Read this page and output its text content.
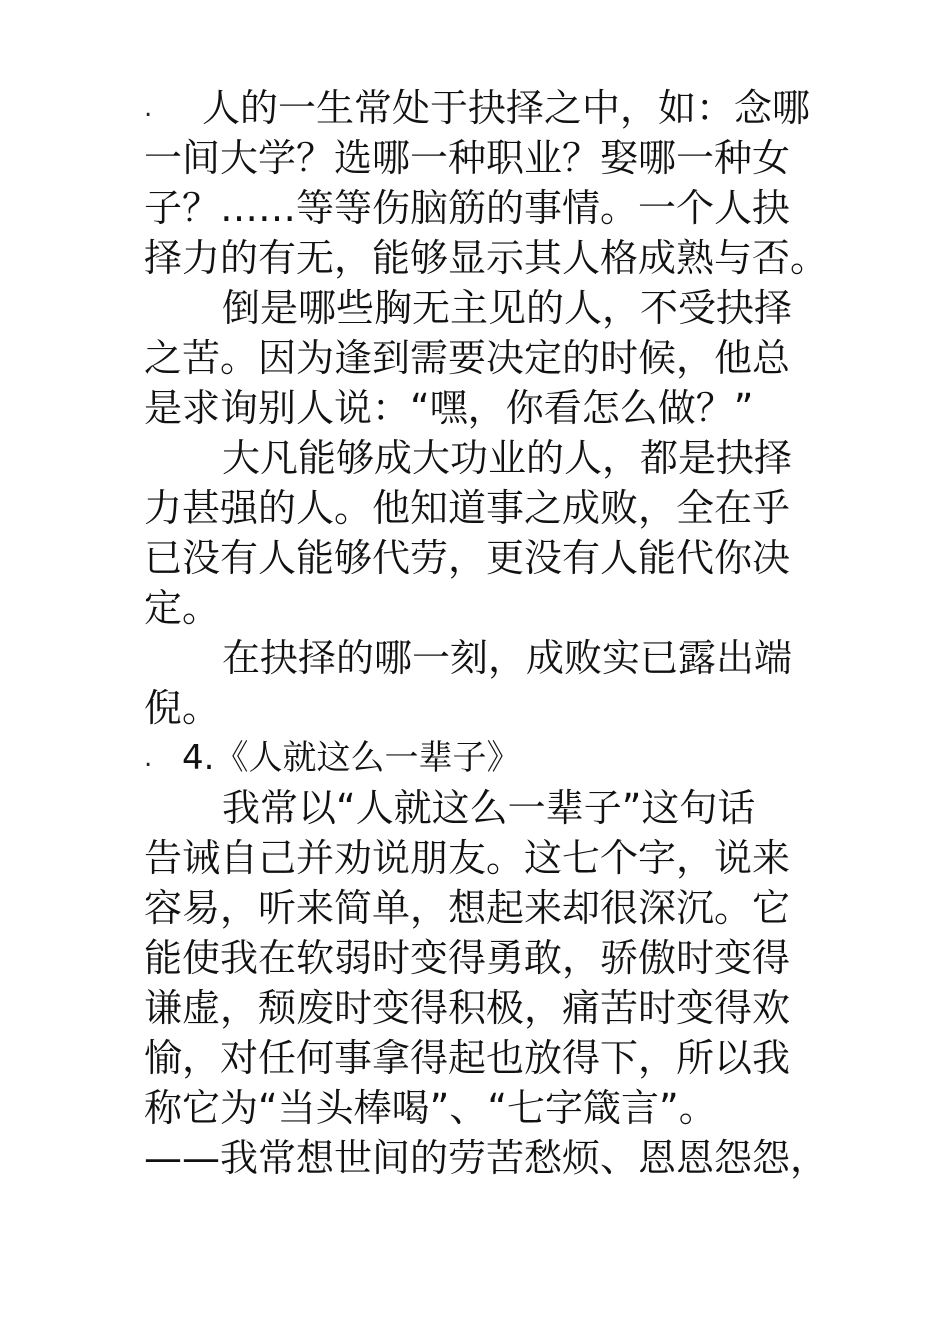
. 人的一生常处于抉择之中，如：念哪
一间大学？选哪一种职业？娶哪一种女
子？……等等伤脑筋的事情。一个人抉
择力的有无，能够显示其人格成熟与否。
倒是哪些胸无主见的人，不受抉择
之苦。因为逢到需要决定的时候，他总
是求询别人说：“嘿，你看怎么做？”
大凡能够成大功业的人，都是抉择
力甚强的人。他知道事之成败，全在乎
已没有人能够代劳，更没有人能代你决
定。
在抉择的哪一刻，成败实已露出端
倪。
. 4.《人就这么一辈子》
我常以“人就这么一辈子”这句话
告诫自己并劝说朋友。这七个字，说来
容易，听来简单，想起来却很深沉。它
能使我在软弱时变得勇敢，骄傲时变得
谦虚，颓废时变得积极，痛苦时变得欢
愉，对任何事拿得起也放得下，所以我
称它为“当头棒喝”、“七字箴言”。
——我常想世间的劳苦愁烦、恩恩怨怨，
